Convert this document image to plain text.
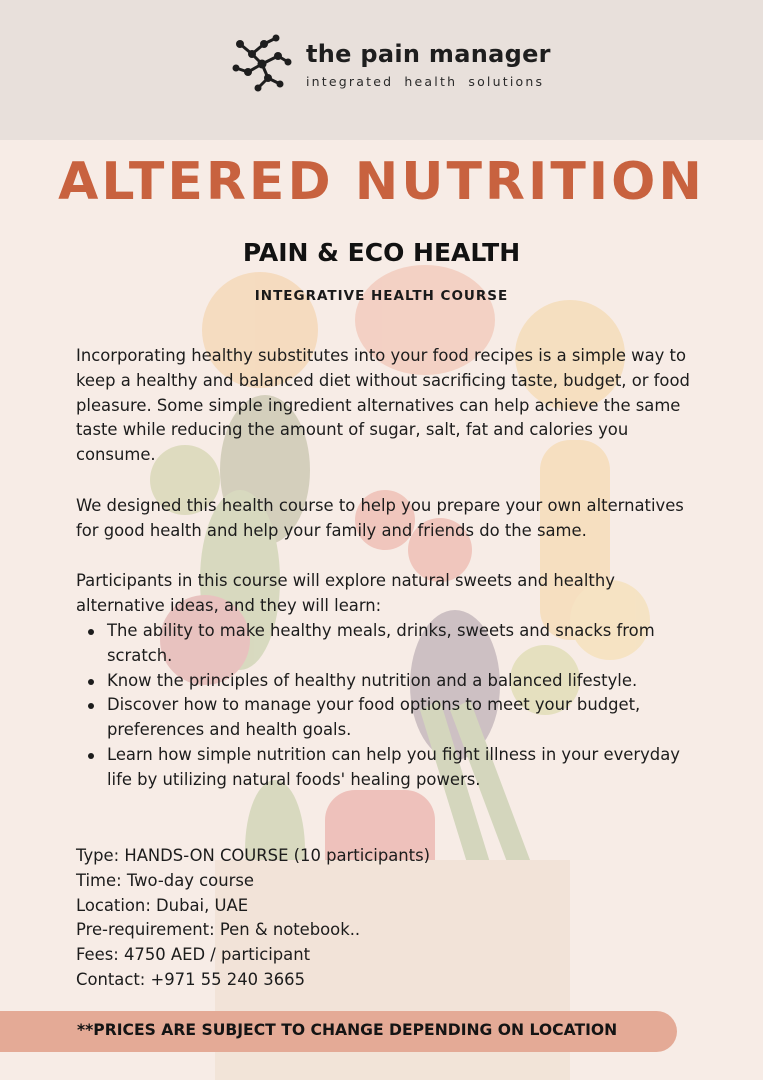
the pain manager
integrated health solutions
ALTERED NUTRITION
PAIN & ECO HEALTH
INTEGRATIVE HEALTH COURSE
Incorporating healthy substitutes into your food recipes is a simple way to keep a healthy and balanced diet without sacrificing taste, budget, or food pleasure. Some simple ingredient alternatives can help achieve the same taste while reducing the amount of sugar, salt, fat and calories you consume.
We designed this health course to help you prepare your own alternatives for good health and help your family and friends do the same.
Participants in this course will explore natural sweets and healthy alternative ideas, and they will learn:
The ability to make healthy meals, drinks, sweets and snacks from scratch.
Know the principles of healthy nutrition and a balanced lifestyle.
Discover how to manage your food options to meet your budget, preferences and health goals.
Learn how simple nutrition can help you fight illness in your everyday life by utilizing natural foods' healing powers.
Type: HANDS-ON COURSE (10 participants)
Time: Two-day course
Location: Dubai, UAE
Pre-requirement: Pen & notebook..
Fees: 4750 AED / participant
Contact: +971 55 240 3665
**PRICES ARE SUBJECT TO CHANGE DEPENDING ON LOCATION
